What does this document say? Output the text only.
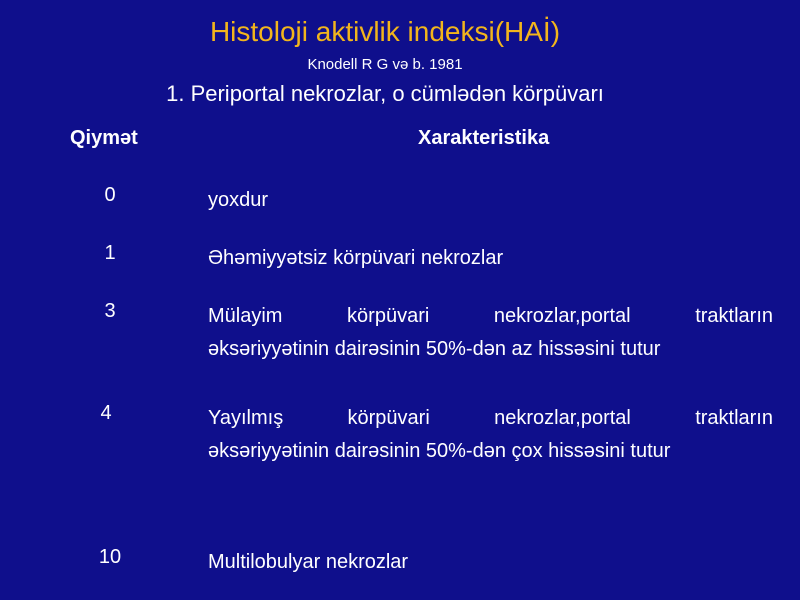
Histoloji aktivlik indeksi(HAİ)
Knodell R G və b. 1981
1. Periportal nekrozlar, o cümlədən körpüvarı
Qiymət	Xarakteristika
0	yoxdur
1	Əhəmiyyətsiz körpüvari nekrozlar
3	Mülayim körpüvari nekrozlar,portal traktların
əksəriyyətinin dairəsinin 50%-dən az hissəsini tutur
4	Yayılmış körpüvari nekrozlar,portal traktların
əksəriyyətinin dairəsinin 50%-dən çox hissəsini tutur
10	Multilobulyar nekrozlar
